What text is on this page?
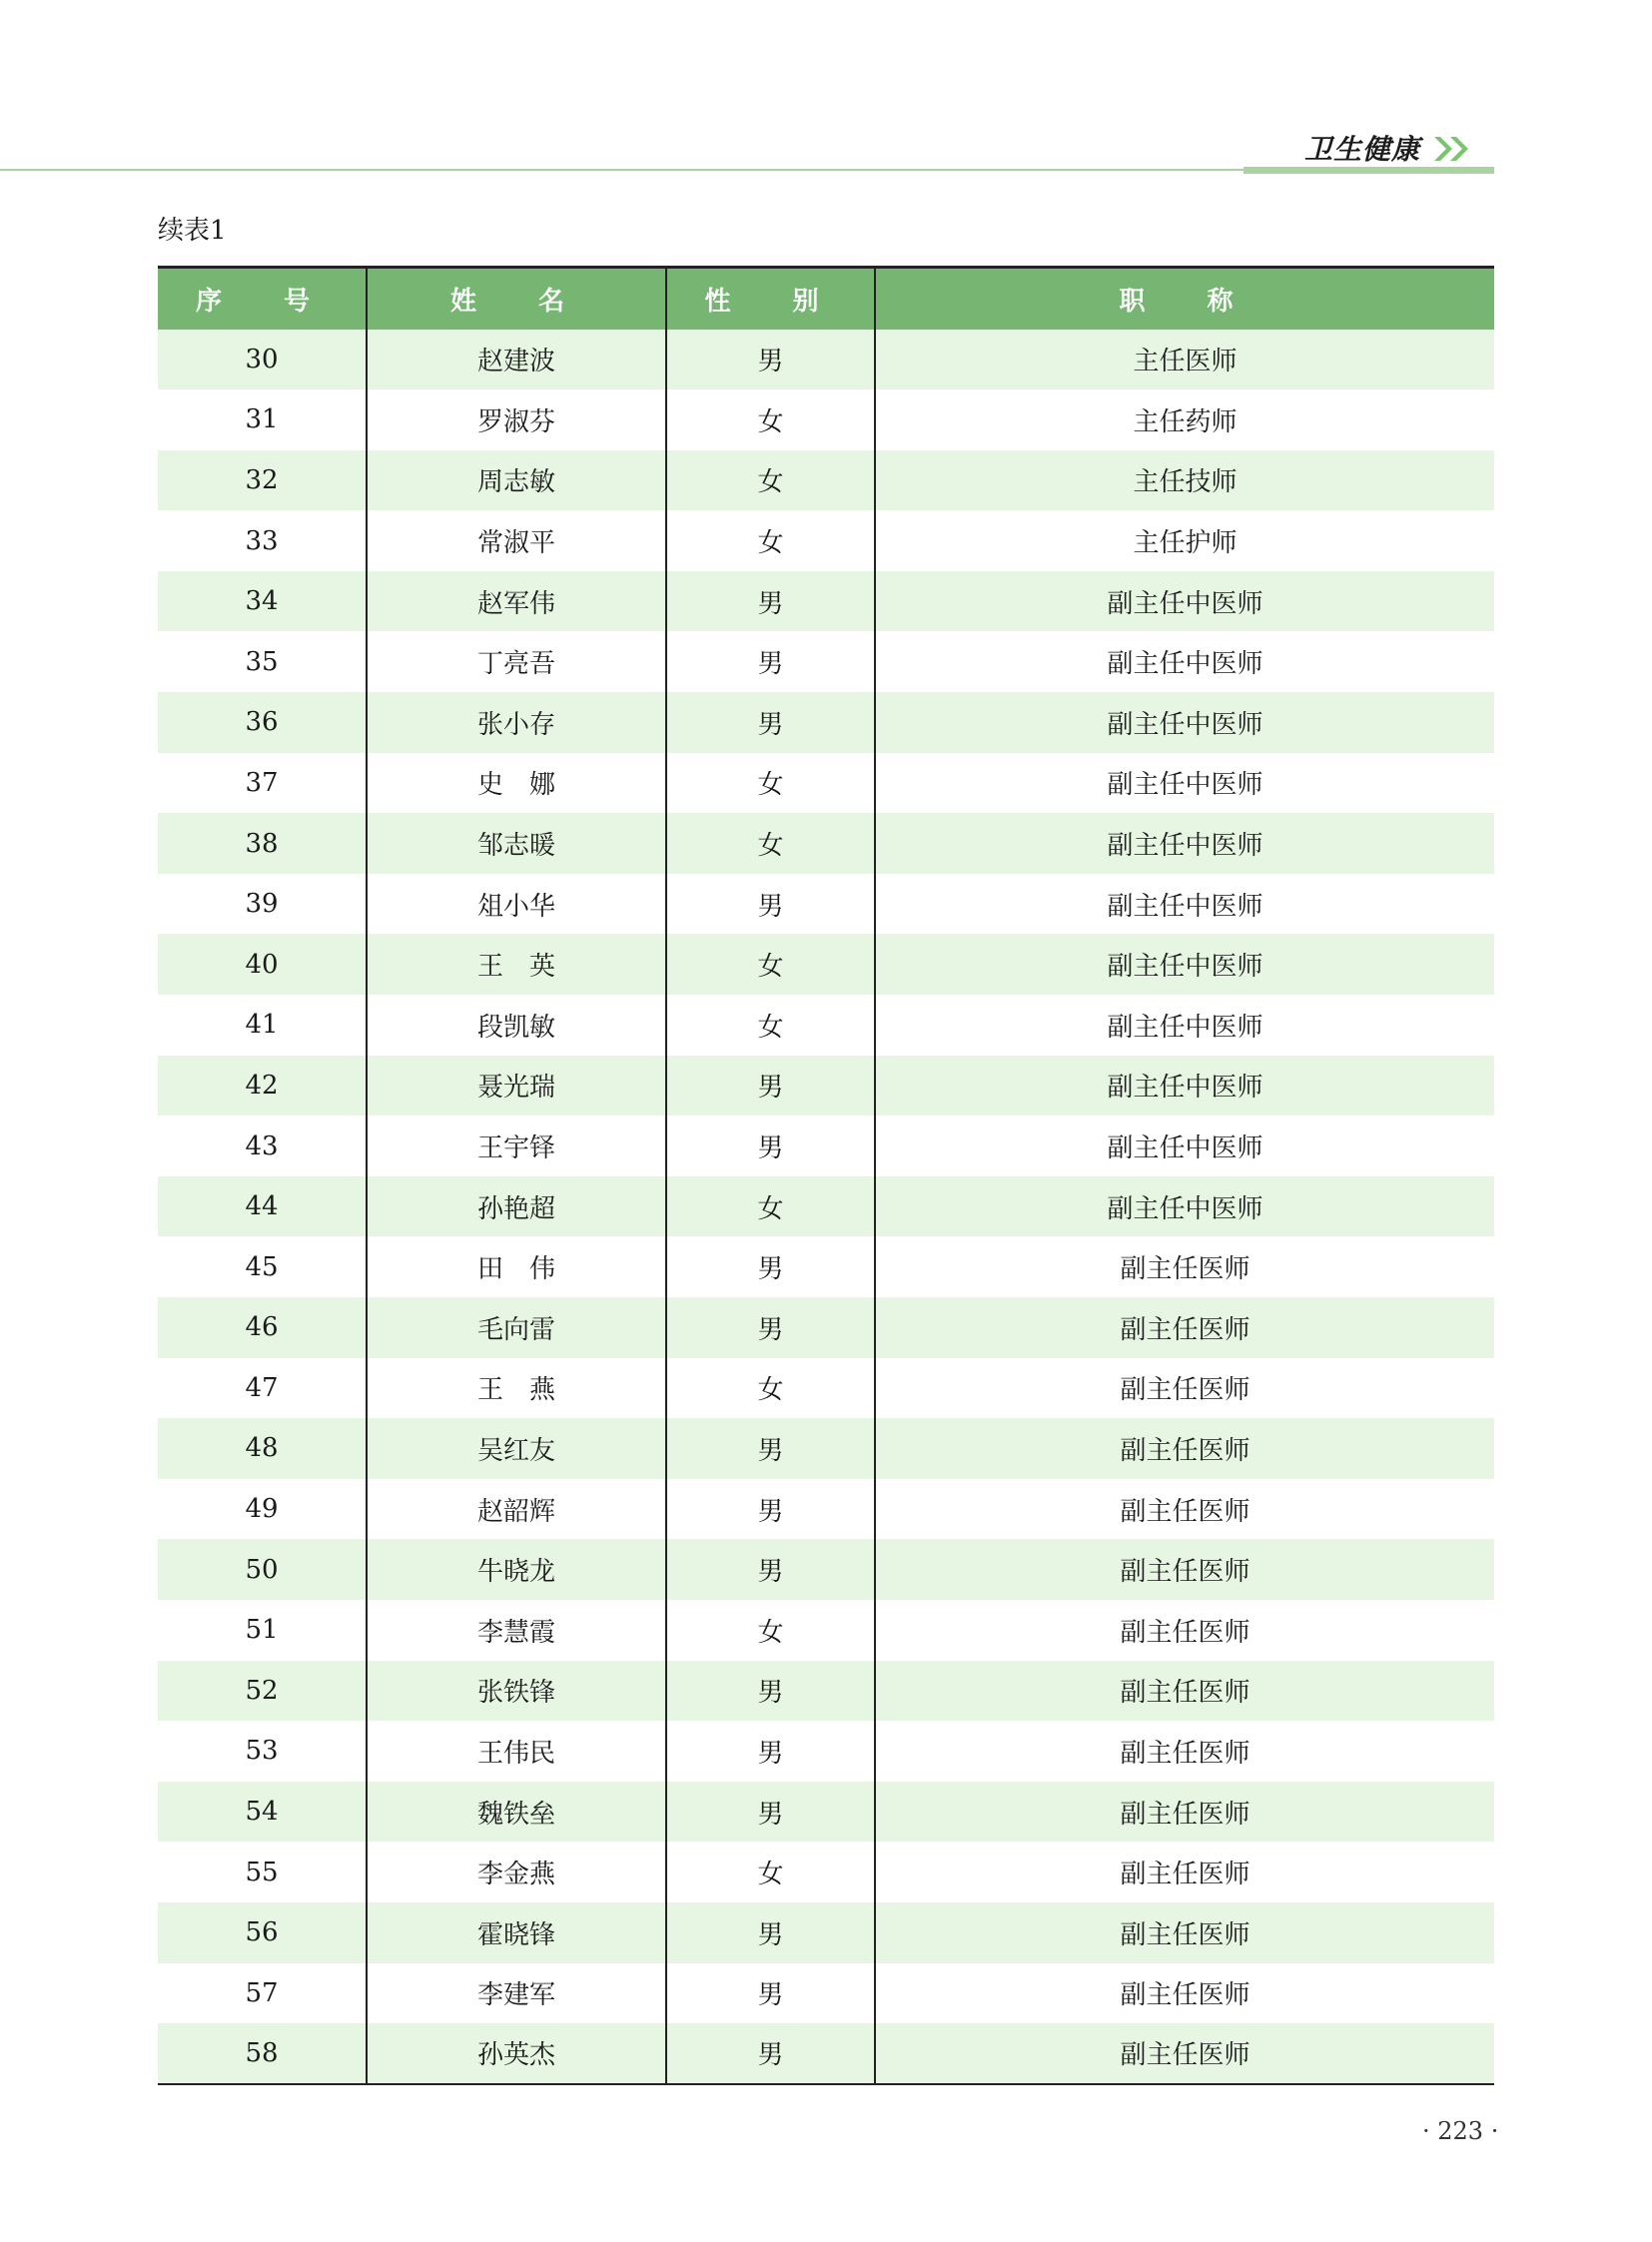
卫生健康
续表1
序　号	姓　名	性　别	职　称
30	赵建波	男	主任医师
31	罗淑芬	女	主任药师
32	周志敏	女	主任技师
33	常淑平	女	主任护师
34	赵军伟	男	副主任中医师
35	丁亮吾	男	副主任中医师
36	张小存	男	副主任中医师
37	史　娜	女	副主任中医师
38	邹志暖	女	副主任中医师
39	俎小华	男	副主任中医师
40	王　英	女	副主任中医师
41	段凯敏	女	副主任中医师
42	聂光瑞	男	副主任中医师
43	王宇铎	男	副主任中医师
44	孙艳超	女	副主任中医师
45	田　伟	男	副主任医师
46	毛向雷	男	副主任医师
47	王　燕	女	副主任医师
48	吴红友	男	副主任医师
49	赵韶辉	男	副主任医师
50	牛晓龙	男	副主任医师
51	李慧霞	女	副主任医师
52	张铁锋	男	副主任医师
53	王伟民	男	副主任医师
54	魏铁垒	男	副主任医师
55	李金燕	女	副主任医师
56	霍晓锋	男	副主任医师
57	李建军	男	副主任医师
58	孙英杰	男	副主任医师
· 223 ·
